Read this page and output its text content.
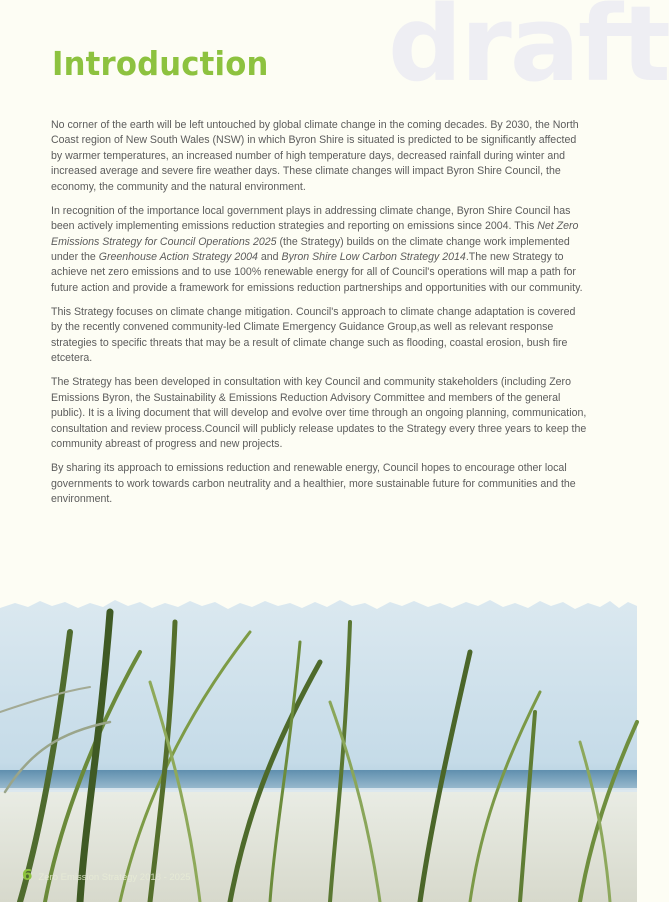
draft
Introduction

No corner of the earth will be left untouched by global climate change in the coming decades. By 2030, the North Coast region of New South Wales (NSW) in which Byron Shire is situated is predicted to be significantly affected by warmer temperatures, an increased number of high temperature days, decreased rainfall during winter and increased average and severe fire weather days. These climate changes will impact Byron Shire Council, the economy, the community and the natural environment.

In recognition of the importance local government plays in addressing climate change, Byron Shire Council has been actively implementing emissions reduction strategies and reporting on emissions since 2004. This Net Zero Emissions Strategy for Council Operations 2025 (the Strategy) builds on the climate change work implemented under the Greenhouse Action Strategy 2004 and Byron Shire Low Carbon Strategy 2014.The new Strategy to achieve net zero emissions and to use 100% renewable energy for all of Council's operations will map a path for future action and provide a framework for emissions reduction partnerships and opportunities with our community.

This Strategy focuses on climate change mitigation. Council's approach to climate change adaptation is covered by the recently convened community-led Climate Emergency Guidance Group,as well as relevant response strategies to specific threats that may be a result of climate change such as flooding, coastal erosion, bush fire etcetera.

The Strategy has been developed in consultation with key Council and community stakeholders (including Zero Emissions Byron, the Sustainability & Emissions Reduction Advisory Committee and members of the general public). It is a living document that will develop and evolve over time through an ongoing planning, communication, consultation and review process.Council will publicly release updates to the Strategy every three years to keep the community abreast of progress and new projects.

By sharing its approach to emissions reduction and renewable energy, Council hopes to encourage other local governments to work towards carbon neutrality and a healthier, more sustainable future for communities and the environment.

6 Zero Emission Strategy 2018 - 2025
